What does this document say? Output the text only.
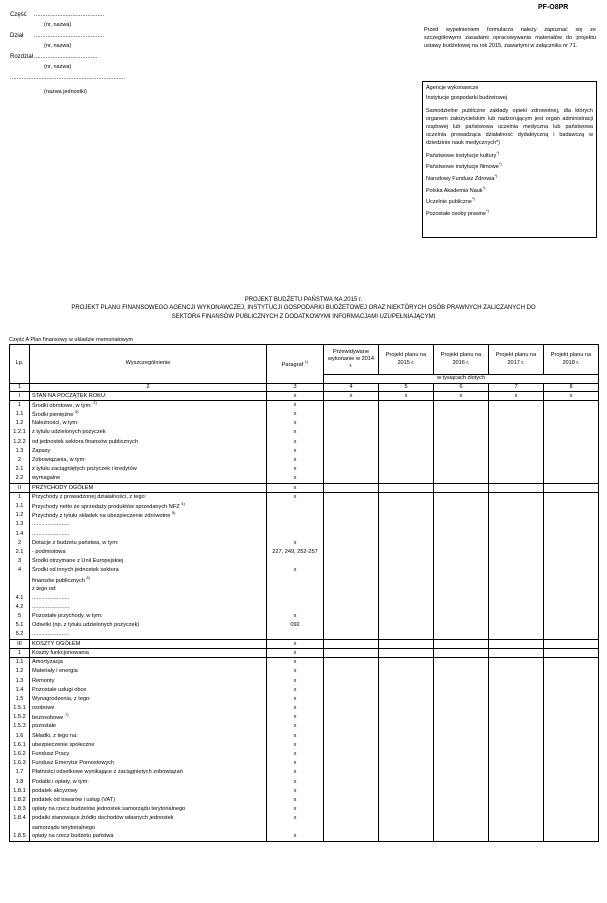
PF-O8PR
Część	..........................................
(nr, nazwa)
Dział	..........................................
(nr, nazwa)
Rozdział ......................................
(nr, nazwa)
.....................................................................
(nazwa jednostki)
Przed wypełnieniem formularza należy zapoznać się ze szczegółowymi zasadami opracowywania materiałów do projektu ustawy budżetowej na rok 2015, zawartymi w załączniku nr 71.
Agencje wykonawcze
Instytucje gospodarki budżetowej
Samodzielne publiczne zakłady opieki zdrowotnej, dla których organem założycielskim lub nadzorującym jest organ administracji rządowej lub państwowa uczelnia medyczna lub państwowa uczelnia prowadząca działalność dydaktyczną i badawczą w dziedzinie nauk medycznych*)
Państwowe instytucje kultury*)
Państwowe instytucje filmowe*)
Narodowy Fundusz Zdrowia*)
Polska Akademia Nauk*)
Uczelnie publiczne*)
Pozostałe osoby prawne*)
PROJEKT BUDŻETU PAŃSTWA NA 2015 r.
PROJEKT PLANU FINANSOWEGO AGENCJI WYKONAWCZEJ, INSTYTUCJI GOSPODARKI BUDŻETOWEJ ORAZ NIEKTÓRYCH OSÓB PRAWNYCH ZALICZANYCH DO
SEKTORA FINANSÓW PUBLICZNYCH Z DODATKOWYMI INFORMACJAMI UZUPEŁNIAJĄCYMI
Część A Plan finansowy w układzie memoriałowym
Lp.	Wyszczególnienie	Paragraf $^{1)}$	Przewidywane wykonanie w 2014 r.	Projekt planu na 2015 r.	Projekt planu na 2016 r.	Projekt planu na 2017 r.	Projekt planu na 2018 r.
			w tysiącach złotych				
1	2	3	4	5	6	7	8
I	STAN NA POCZĄTEK ROKU:	x	x	x	x	x	x
1	Środki obrotowe, w tym: $^{2)}$	x					
1.1	Środki pieniężne $^{3)}$	x					
1.2	Należności, w tym:	x					
1.2.1	z tytułu udzielonych pożyczek	x					
1.2.2	od jednostek sektora finansów publicznych	x					
1.3	Zapasy	x					
2	Zobowiązania, w tym:	x					
2.1	z tytułu zaciągniętych pożyczek i kredytów	x					
2.2	wymagalne	x					
II	PRZYCHODY OGÓŁEM	x					
1	Przychody z prowadzonej działalności, z tego:	x					
1.1	Przychody netto ze sprzedaży produktów sprzedanych NFZ $^{4)}$						
1.2	Przychody z tytułu składek na ubezpieczenie zdrowotne $^{5)}$						
1.3	........................						
1.4	........................						
2	Dotacje z budżetu państwa, w tym:	x					
2.1	- podmiotowa	227, 249, 252-257					
3	Środki otrzymane z Unii Europejskiej						
4	Środki od innych jednostek sektora	x					
	finansów publicznych $^{6)}$						
	z tego od:						
4.1	........................						
4.2	........................						
5	Pozostałe przychody, w tym:	x					
5.1	Odsetki (np. z tytułu udzielonych pożyczek)	092					
5.2	........................						
III	KOSZTY OGÓŁEM	x					
1	Koszty funkcjonowania	x					
1.1	Amortyzacja	x					
1.2	Materiały i energia	x					
1.3	Remonty	x					
1.4	Pozostałe usługi obce	x					
1.5	Wynagrodzenia, z tego:	x					
1.5.1	osobowe	x					
1.5.2	bezosobowe $^{7)}$	x					
1.5.3	pozostałe	x					
1.6	Składki, z tego na:	x					
1.6.1	ubezpieczenie społeczne	x					
1.6.2	Fundusz Pracy	x					
1.6.3	Fundusz Emerytur Pomostowych	x					
1.7	Płatności odsetkowe wynikające z zaciągniętych zobowiązań	x					
1.8	Podatki i opłaty, w tym:	x					
1.8.1	podatek akcyzowy	x					
1.8.2	podatek od towarów i usług (VAT)	x					
1.8.3	opłaty na rzecz budżetów jednostek samorządu terytorialnego	x					
1.8.4	podatki stanowiące źródło dochodów własnych jednostek	x					
	samorządu terytorialnego						
1.8.5	opłaty na rzecz budżetu państwa	x					
